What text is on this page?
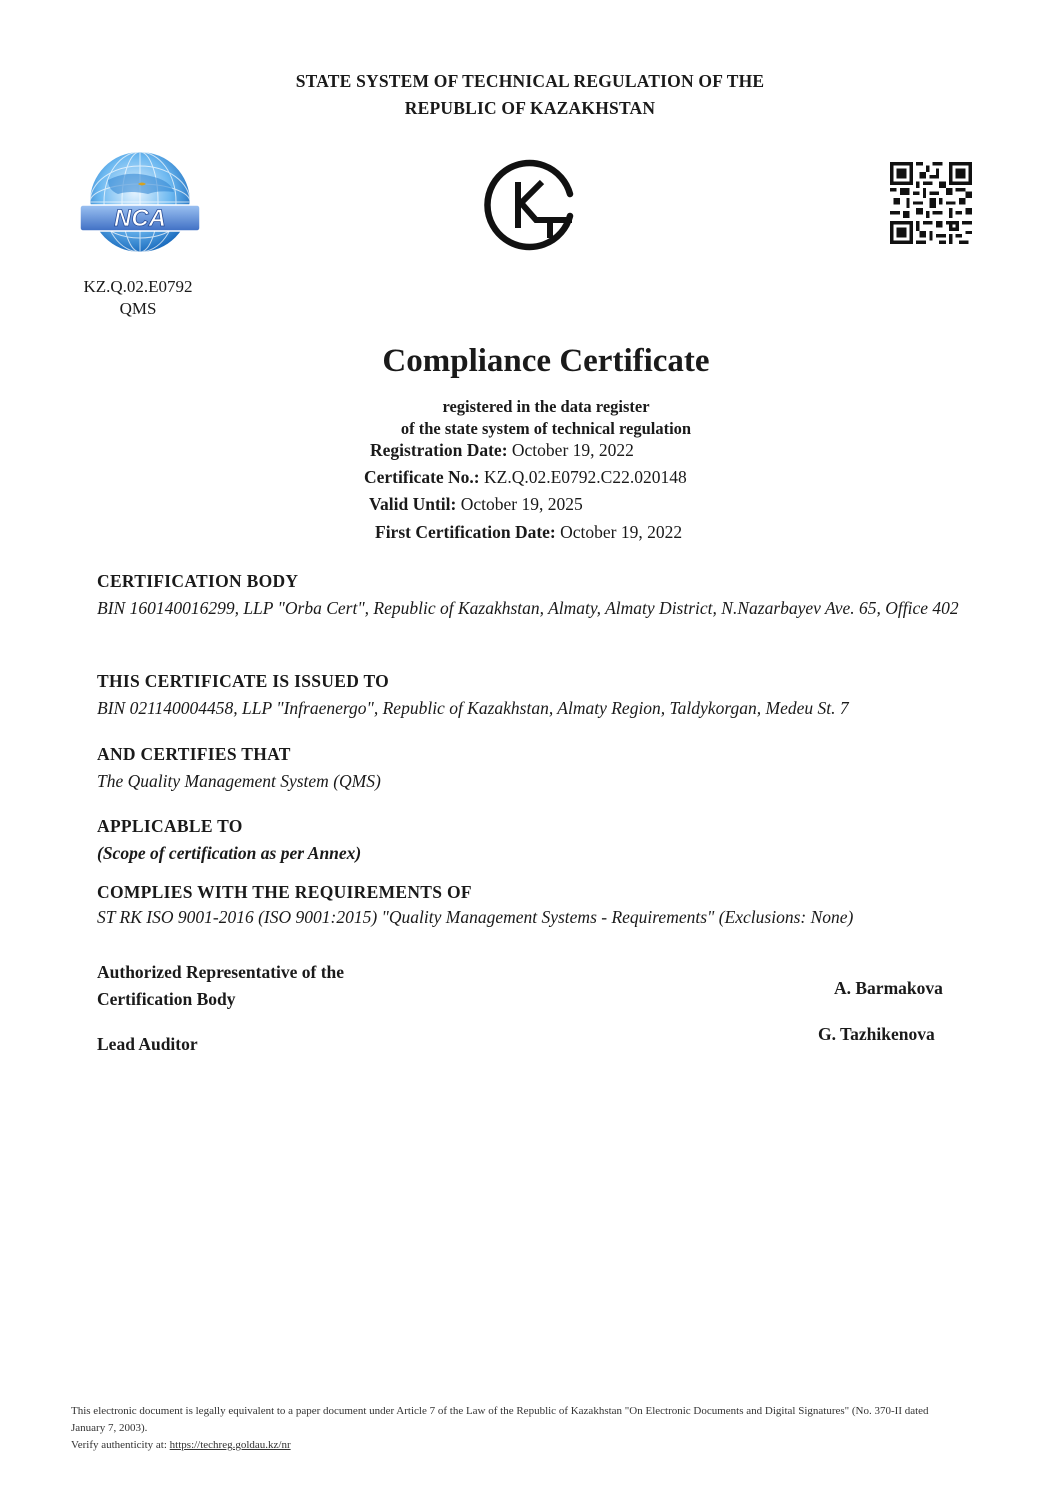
STATE SYSTEM OF TECHNICAL REGULATION OF THE
REPUBLIC OF KAZAKHSTAN
NCA
KZ.Q.02.E0792
QMS
Compliance Certificate
registered in the data register
of the state system of technical regulation
Registration Date: October 19, 2022
Certificate No.: KZ.Q.02.E0792.C22.020148
Valid Until: October 19, 2025
First Certification Date: October 19, 2022
CERTIFICATION BODY
BIN 160140016299, LLP "Orba Cert", Republic of Kazakhstan, Almaty, Almaty District, N.Nazarbayev Ave. 65, Office 402
THIS CERTIFICATE IS ISSUED TO
BIN 021140004458, LLP "Infraenergo", Republic of Kazakhstan, Almaty Region, Taldykorgan, Medeu St. 7
AND CERTIFIES THAT
The Quality Management System (QMS)
APPLICABLE TO
(Scope of certification as per Annex)
COMPLIES WITH THE REQUIREMENTS OF
ST RK ISO 9001-2016 (ISO 9001:2015) "Quality Management Systems - Requirements" (Exclusions: None)
Authorized Representative of the
Certification Body
A. Barmakova
Lead Auditor	G. Tazhikenova
This electronic document is legally equivalent to a paper document under Article 7 of the Law of the Republic of Kazakhstan "On Electronic Documents and Digital Signatures" (No. 370-II dated January 7, 2003).
Verify authenticity at: https://techreg.goldau.kz/nr
